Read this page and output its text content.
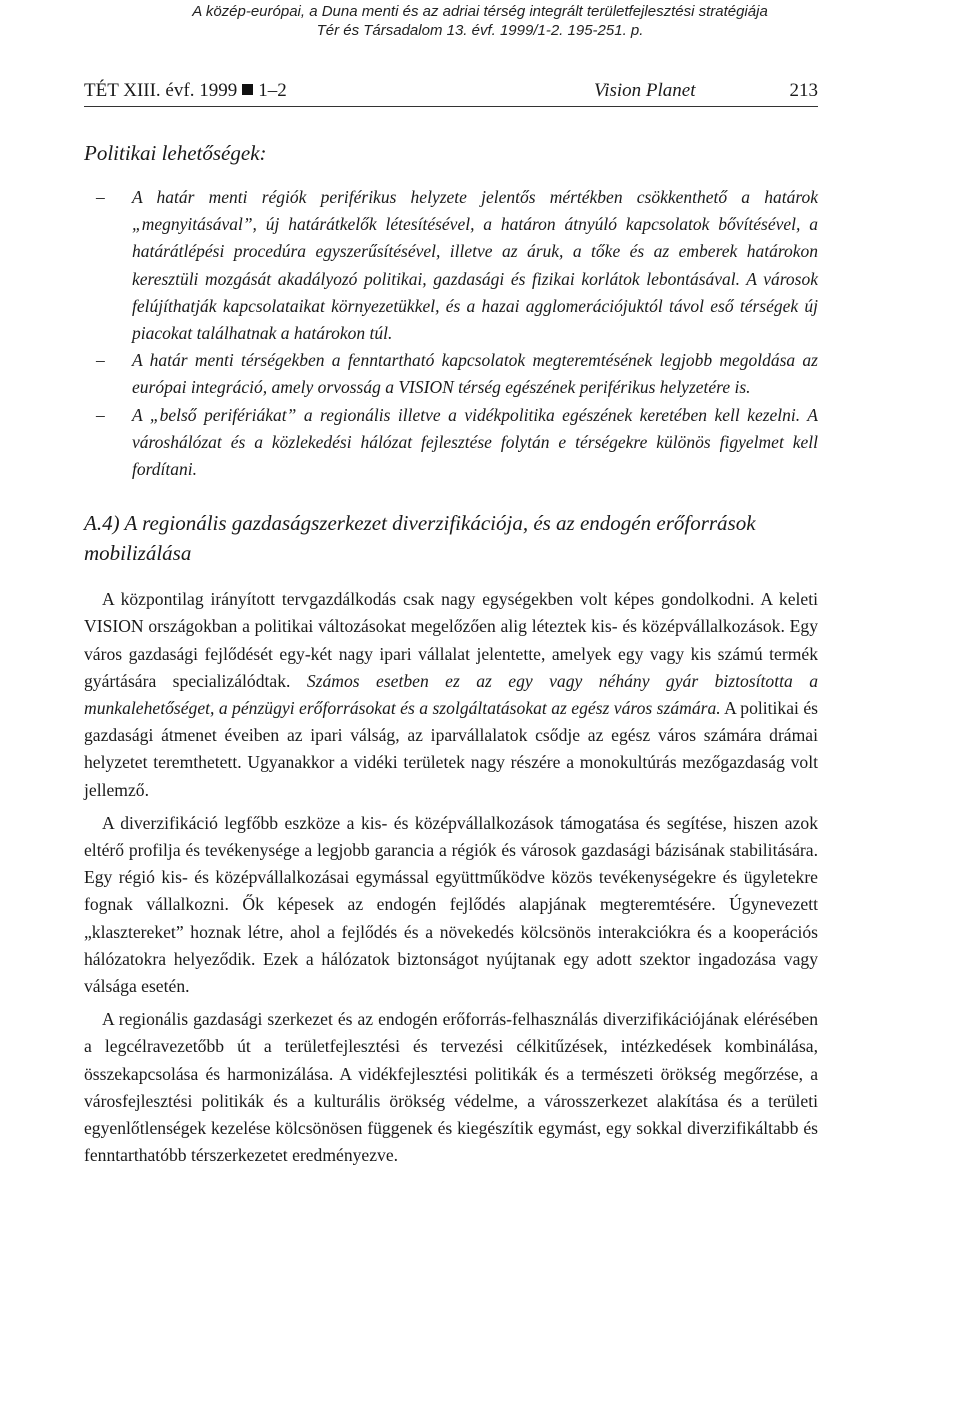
A közép-európai, a Duna menti és az adriai térség integrált területfejlesztési stratégiája
Tér és Társadalom 13. évf. 1999/1-2. 195-251. p.
TÉT XIII. évf. 1999 1–2	Vision Planet	213
Politikai lehetőségek:

– A határ menti régiók periférikus helyzete jelentős mértékben csökkenthető a határok „megnyitásával”, új határátkelők létesítésével, a határon átnyúló kapcsolatok bővítésével, a határátlépési procedúra egyszerűsítésével, illetve az áruk, a tőke és az emberek határokon keresztüli mozgását akadályozó politikai, gazdasági és fizikai korlátok lebontásával. A városok felújíthatják kapcsolataikat környezetükkel, és a hazai agglomerációjuktól távol eső térségek új piacokat találhatnak a határokon túl.

– A határ menti térségekben a fenntartható kapcsolatok megteremtésének legjobb megoldása az európai integráció, amely orvosság a VISION térség egészének periférikus helyzetére is.

– A „belső perifériákat” a regionális illetve a vidékpolitika egészének keretében kell kezelni. A városhálózat és a közlekedési hálózat fejlesztése folytán e térségekre különös figyelmet kell fordítani.

A.4) A regionális gazdaságszerkezet diverzifikációja, és az endogén erőforrások mobilizálása

A központilag irányított tervgazdálkodás csak nagy egységekben volt képes gondolkodni. A keleti VISION országokban a politikai változásokat megelőzően alig léteztek kis- és középvállalkozások. Egy város gazdasági fejlődését egy-két nagy ipari vállalat jelentette, amelyek egy vagy kis számú termék gyártására specializálódtak. Számos esetben ez az egy vagy néhány gyár biztosította a munkalehetőséget, a pénzügyi erőforrásokat és a szolgáltatásokat az egész város számára. A politikai és gazdasági átmenet éveiben az ipari válság, az iparvállalatok csődje az egész város számára drámai helyzetet teremthetett. Ugyanakkor a vidéki területek nagy részére a monokultúrás mezőgazdaság volt jellemző.

A diverzifikáció legfőbb eszköze a kis- és középvállalkozások támogatása és segítése, hiszen azok eltérő profilja és tevékenysége a legjobb garancia a régiók és városok gazdasági bázisának stabilitására. Egy régió kis- és középvállalkozásai egymással együttműködve közös tevékenységekre és ügyletekre fognak vállalkozni. Ők képesek az endogén fejlődés alapjának megteremtésére. Úgynevezett „klasztereket” hoznak létre, ahol a fejlődés és a növekedés kölcsönös interakciókra és a kooperációs hálózatokra helyeződik. Ezek a hálózatok biztonságot nyújtanak egy adott szektor ingadozása vagy válsága esetén.

A regionális gazdasági szerkezet és az endogén erőforrás-felhasználás diverzifikációjának elérésében a legcélravezetőbb út a területfejlesztési és tervezési célkitűzések, intézkedések kombinálása, összekapcsolása és harmonizálása. A vidékfejlesztési politikák és a természeti örökség megőrzése, a városfejlesztési politikák és a kulturális örökség védelme, a városszerkezet alakítása és a területi egyenlőtlenségek kezelése kölcsönösen függenek és kiegészítik egymást, egy sokkal diverzifikáltabb és fenntarthatóbb térszerkezetet eredményezve.
